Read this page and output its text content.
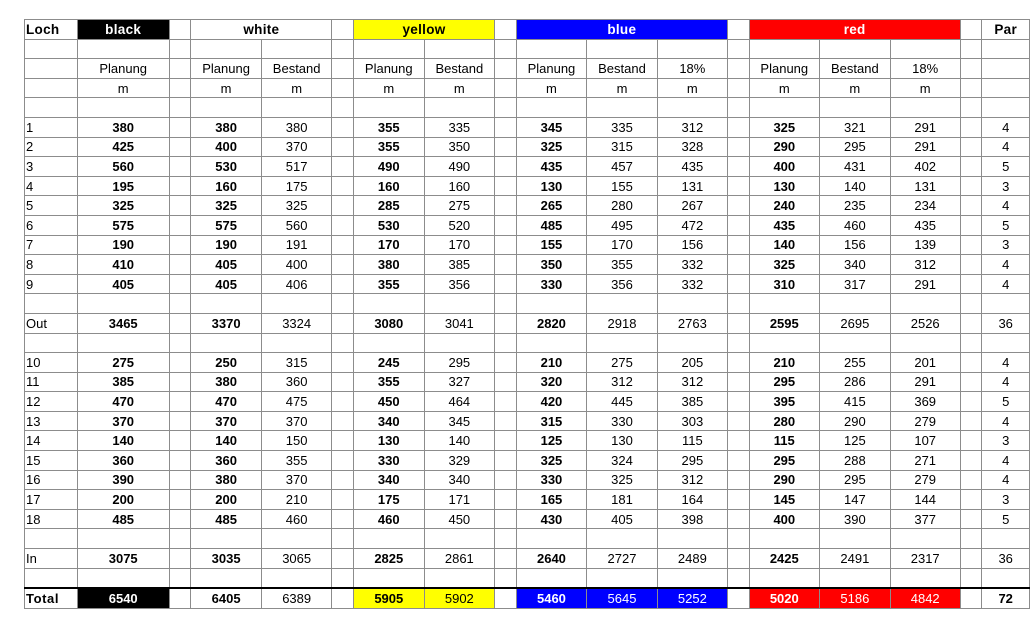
Loch	black		white			yellow			blue				red				Par

	Planung		Planung	Bestand		Planung	Bestand		Planung	Bestand	18%		Planung	Bestand	18%		
	m		m	m		m	m		m	m	m		m	m	m		

1	380		380	380		355	335		345	335	312		325	321	291		4
2	425		400	370		355	350		325	315	328		290	295	291		4
3	560		530	517		490	490		435	457	435		400	431	402		5
4	195		160	175		160	160		130	155	131		130	140	131		3
5	325		325	325		285	275		265	280	267		240	235	234		4
6	575		575	560		530	520		485	495	472		435	460	435		5
7	190		190	191		170	170		155	170	156		140	156	139		3
8	410		405	400		380	385		350	355	332		325	340	312		4
9	405		405	406		355	356		330	356	332		310	317	291		4

Out	3465		3370	3324		3080	3041		2820	2918	2763		2595	2695	2526		36

10	275		250	315		245	295		210	275	205		210	255	201		4
11	385		380	360		355	327		320	312	312		295	286	291		4
12	470		470	475		450	464		420	445	385		395	415	369		5
13	370		370	370		340	345		315	330	303		280	290	279		4
14	140		140	150		130	140		125	130	115		115	125	107		3
15	360		360	355		330	329		325	324	295		295	288	271		4
16	390		380	370		340	340		330	325	312		290	295	279		4
17	200		200	210		175	171		165	181	164		145	147	144		3
18	485		485	460		460	450		430	405	398		400	390	377		5

In	3075		3035	3065		2825	2861		2640	2727	2489		2425	2491	2317		36

Total	6540		6405	6389		5905	5902		5460	5645	5252		5020	5186	4842		72
